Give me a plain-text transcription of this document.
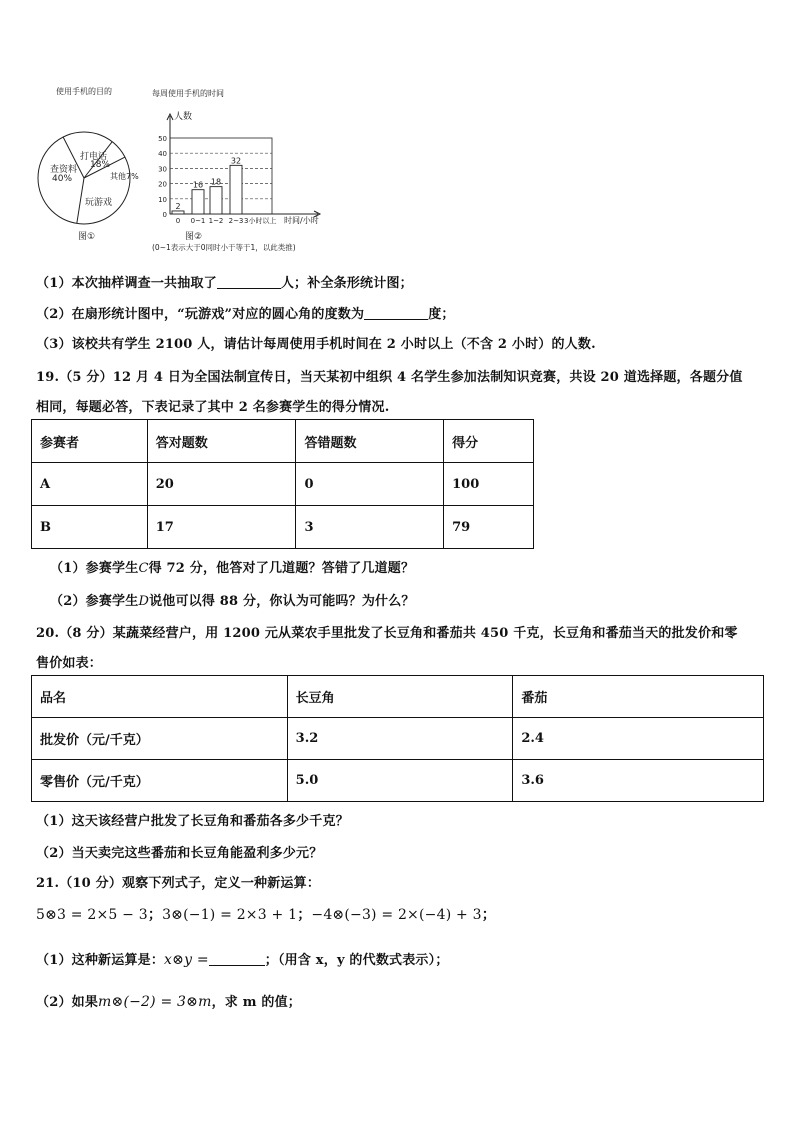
使用手机的目的	每周使用手机的时间
0
10
20
30
40
50
2
16 18
32
0 0~1 1~2 2~3 3小时以上
打电话
18%
查资料
40%	其他7%
玩游戏
图①
人数
时间/小时
图②
(0~1表示大于0同时小于等于1，以此类推)
（1）本次抽样调查一共抽取了	人；补全条形统计图；
（2）在扇形统计图中，“玩游戏”对应的圆心角的度数为	度；
（3）该校共有学生 2100 人，请估计每周使用手机时间在 2 小时以上（不含 2 小时）的人数.
19.（5 分）12 月 4 日为全国法制宣传日，当天某初中组织 4 名学生参加法制知识竞赛，共设 20 道选择题，各题分值
相同，每题必答，下表记录了其中 2 名参赛学生的得分情况.
参赛者	答对题数	答错题数	得分
A	20	0	100
B	17	3	79
（1）参赛学生C得 72 分，他答对了几道题？答错了几道题？
（2）参赛学生D说他可以得 88 分，你认为可能吗？为什么？
20.（8 分）某蔬菜经营户，用 1200 元从菜农手里批发了长豆角和番茄共 450 千克，长豆角和番茄当天的批发价和零
售价如表：
品名	长豆角	番茄
批发价（元/千克）	3.2	2.4
零售价（元/千克）	5.0	3.6
（1）这天该经营户批发了长豆角和番茄各多少千克？
（2）当天卖完这些番茄和长豆角能盈利多少元？
21.（10 分）观察下列式子，定义一种新运算：
5⊗3 = 2×5 − 3；3⊗(−1) = 2×3 + 1；−4⊗(−3) = 2×(−4) + 3；
（1）这种新运算是：x⊗y =	；（用含 x，y 的代数式表示）；
（2）如果m⊗(−2) = 3⊗m，求 m 的值；
